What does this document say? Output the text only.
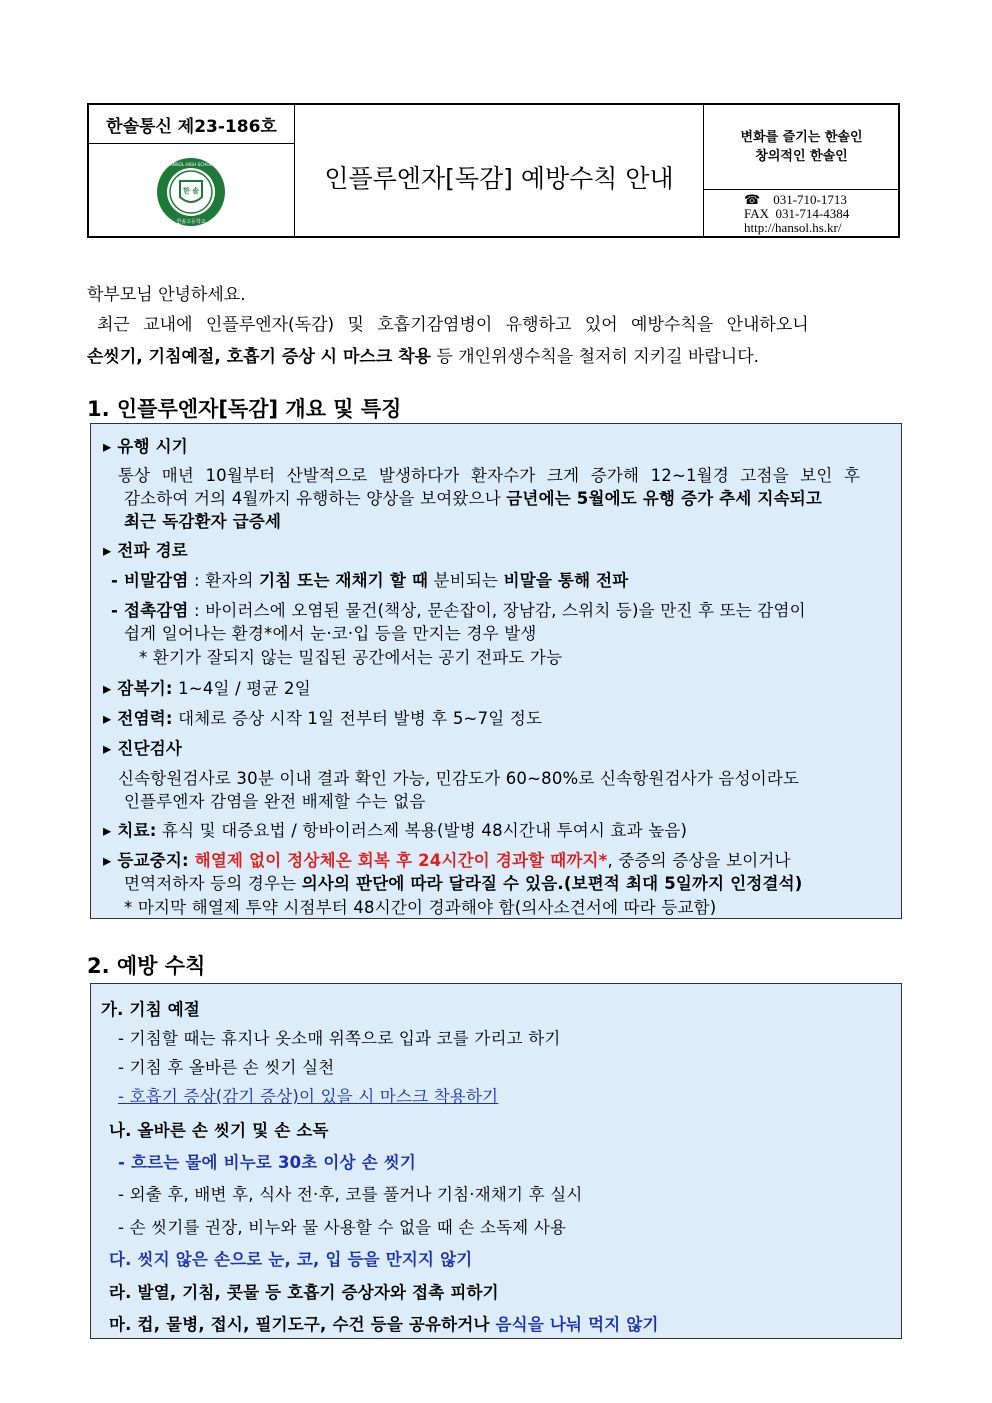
한솔통신 제23-186호
한 솔
HANSOL HIGH SCHOOL
한솔고등학교
인플루엔자[독감] 예방수칙 안내
변화를 즐기는 한솔인
창의적인 한솔인
☎ 031-710-1713
FAX 031-714-4384
http://hansol.hs.kr/
학부모님 안녕하세요.
최근 교내에 인플루엔자(독감) 및 호흡기감염병이 유행하고 있어 예방수칙을 안내하오니
손씻기, 기침예절, 호흡기 증상 시 마스크 착용 등 개인위생수칙을 철저히 지키길 바랍니다.
1. 인플루엔자[독감] 개요 및 특징
▸ 유행 시기
통상 매년 10월부터 산발적으로 발생하다가 환자수가 크게 증가해 12~1월경 고점을 보인 후
감소하여 거의 4월까지 유행하는 양상을 보여왔으나 금년에는 5월에도 유행 증가 추세 지속되고
최근 독감환자 급증세
▸ 전파 경로
- 비말감염 : 환자의 기침 또는 재채기 할 때 분비되는 비말을 통해 전파
- 접촉감염 : 바이러스에 오염된 물건(책상, 문손잡이, 장남감, 스위치 등)을 만진 후 또는 감염이
쉽게 일어나는 환경*에서 눈·코·입 등을 만지는 경우 발생
* 환기가 잘되지 않는 밀집된 공간에서는 공기 전파도 가능
▸ 잠복기: 1~4일 / 평균 2일
▸ 전염력: 대체로 증상 시작 1일 전부터 발병 후 5~7일 정도
▸ 진단검사
신속항원검사로 30분 이내 결과 확인 가능, 민감도가 60~80%로 신속항원검사가 음성이라도
인플루엔자 감염을 완전 배제할 수는 없음
▸ 치료: 휴식 및 대증요법 / 항바이러스제 복용(발병 48시간내 투여시 효과 높음)
▸ 등교중지: 해열제 없이 정상체온 회복 후 24시간이 경과할 때까지*, 중증의 증상을 보이거나
면역저하자 등의 경우는 의사의 판단에 따라 달라질 수 있음.(보편적 최대 5일까지 인정결석)
* 마지막 해열제 투약 시점부터 48시간이 경과해야 함(의사소견서에 따라 등교함)
2. 예방 수칙
가. 기침 예절
- 기침할 때는 휴지나 옷소매 위쪽으로 입과 코를 가리고 하기
- 기침 후 올바른 손 씻기 실천
- 호흡기 증상(감기 증상)이 있을 시 마스크 착용하기
나. 올바른 손 씻기 및 손 소독
- 흐르는 물에 비누로 30초 이상 손 씻기
- 외출 후, 배변 후, 식사 전·후, 코를 풀거나 기침·재채기 후 실시
- 손 씻기를 권장, 비누와 물 사용할 수 없을 때 손 소독제 사용
다. 씻지 않은 손으로 눈, 코, 입 등을 만지지 않기
라. 발열, 기침, 콧물 등 호흡기 증상자와 접촉 피하기
마. 컵, 물병, 접시, 필기도구, 수건 등을 공유하거나 음식을 나눠 먹지 않기
